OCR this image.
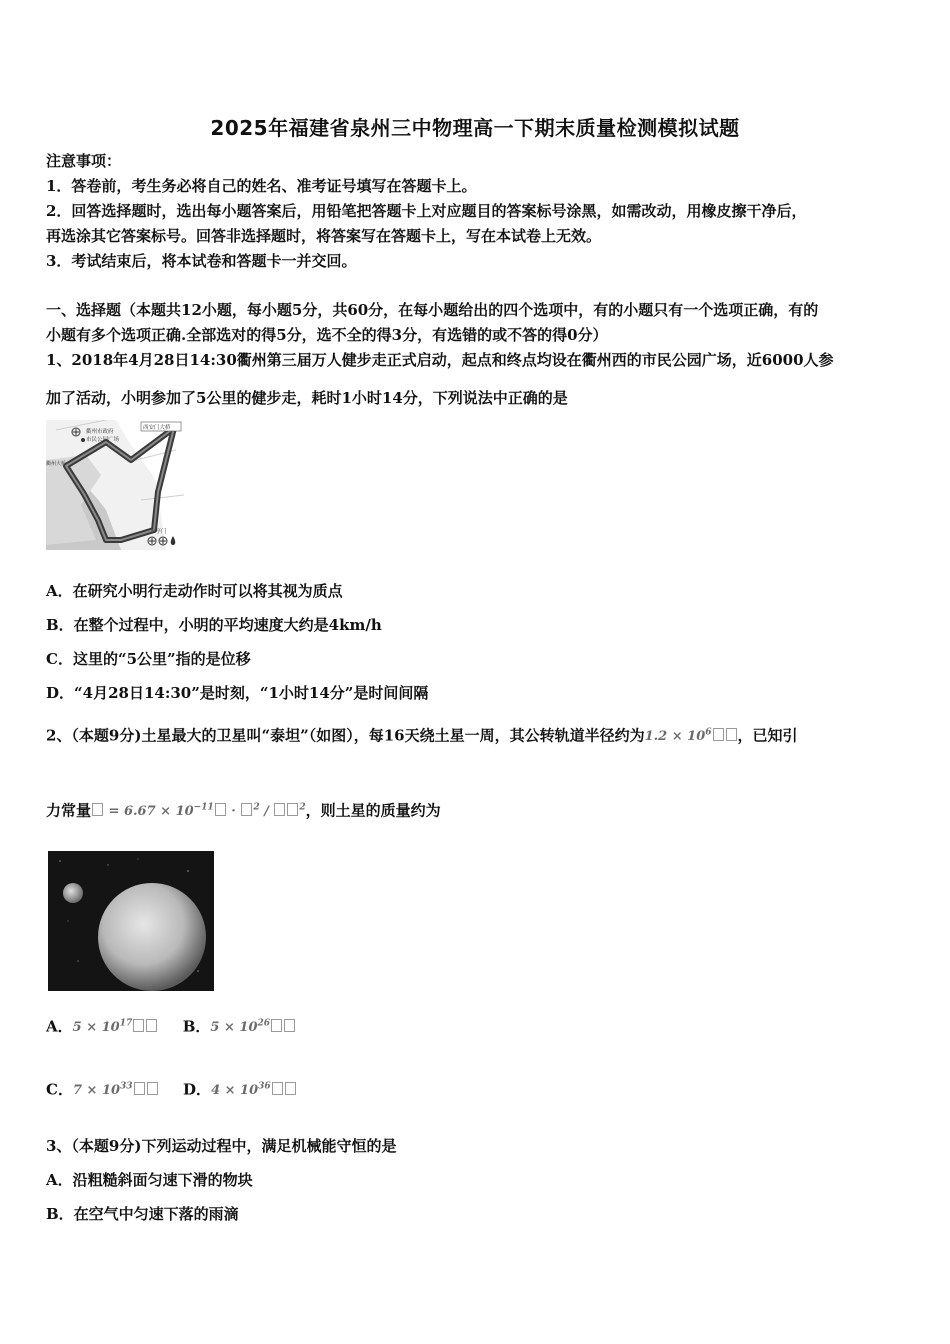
2025年福建省泉州三中物理高一下期末质量检测模拟试题
注意事项：
1．答卷前，考生务必将自己的姓名、准考证号填写在答题卡上。
2．回答选择题时，选出每小题答案后，用铅笔把答题卡上对应题目的答案标号涂黑，如需改动，用橡皮擦干净后，
再选涂其它答案标号。回答非选择题时，将答案写在答题卡上，写在本试卷上无效。
3．考试结束后，将本试卷和答题卡一并交回。
一、选择题（本题共12小题，每小题5分，共60分，在每小题给出的四个选项中，有的小题只有一个选项正确，有的
小题有多个选项正确.全部选对的得5分，选不全的得3分，有选错的或不答的得0分）
1、2018年4月28日14:30衢州第三届万人健步走正式启动，起点和终点均设在衢州西的市民公园广场，近6000人参
加了活动，小明参加了5公里的健步走，耗时1小时14分，下列说法中正确的是
西安门大桥
衢州市政府
市民公园广场
衢州大桥
水亭门
A．在研究小明行走动作时可以将其视为质点
B．在整个过程中，小明的平均速度大约是4km/h
C．这里的“5公里”指的是位移
D．“4月28日14:30”是时刻，“1小时14分”是时间间隔
2、（本题9分)土星最大的卫星叫“泰坦”（如图），每16天绕土星一周，其公转轨道半径约为$1.2 \times 10^6$ ，已知引
力常量 = $6.67 \times 10^{-11} \cdot ^2$ /	$^2$，则土星的质量约为
A．$5 \times 10^{17}$	B．$5 \times 10^{26}$
C．$7 \times 10^{33}$	D．$4 \times 10^{36}$
3、（本题9分)下列运动过程中，满足机械能守恒的是
A．沿粗糙斜面匀速下滑的物块
B．在空气中匀速下落的雨滴
